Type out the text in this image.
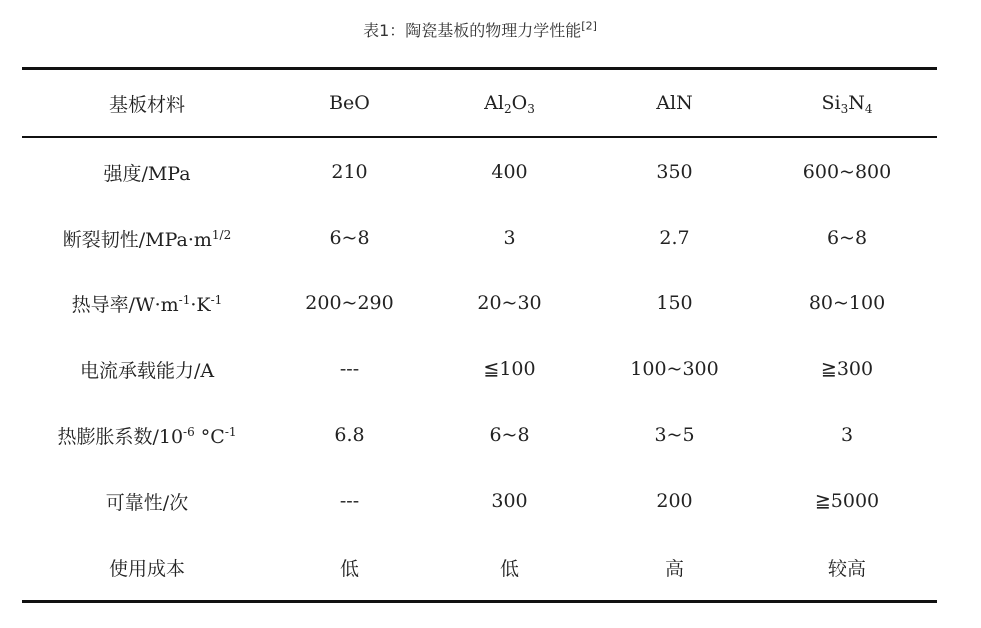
表1：陶瓷基板的物理力学性能[2]
基板材料	BeO	$Al_2O_3$	AlN	$Si_3N_4$
强度/MPa	210	400	350	600~800
断裂韧性$/MPa\cdot m^{1/2}$	6~8	3	2.7	6~8
热导率$/W\cdot m^{-1}\cdot K^{-1}$	200~290	20~30	150	80~100
电流承载能力/A	---	≦100	100~300	≧300
热膨胀系数$/10^{-6}$ $^\circ C^{-1}$	6.8	6~8	3~5	3
可靠性/次	---	300	200	≧5000
使用成本	低	低	高	较高
